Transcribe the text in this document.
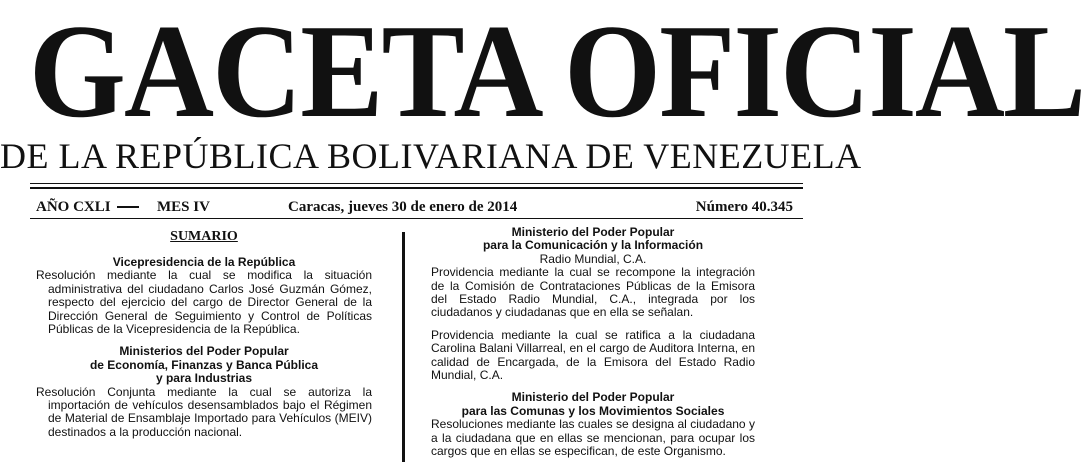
GACETA OFICIAL
DE LA REPÚBLICA BOLIVARIANA DE VENEZUELA
AÑO CXLI	MES IV	Caracas, jueves 30 de enero de 2014	Número 40.345
SUMARIO
Vicepresidencia de la República
Resolución mediante la cual se modifica la situación administrativa del ciudadano Carlos José Guzmán Gómez, respecto del ejercicio del cargo de Director General de la Dirección General de Seguimiento y Control de Políticas Públicas de la Vicepresidencia de la República.
Ministerios del Poder Popular
de Economía, Finanzas y Banca Pública
y para Industrias
Resolución Conjunta mediante la cual se autoriza la importación de vehículos desensamblados bajo el Régimen de Material de Ensamblaje Importado para Vehículos (MEIV) destinados a la producción nacional.
Ministerio del Poder Popular
para la Comunicación y la Información
Radio Mundial, C.A.
Providencia mediante la cual se recompone la integración de la Comisión de Contrataciones Públicas de la Emisora del Estado Radio Mundial, C.A., integrada por los ciudadanos y ciudadanas que en ella se señalan.
Providencia mediante la cual se ratifica a la ciudadana Carolina Balani Villarreal, en el cargo de Auditora Interna, en calidad de Encargada, de la Emisora del Estado Radio Mundial, C.A.
Ministerio del Poder Popular
para las Comunas y los Movimientos Sociales
Resoluciones mediante las cuales se designa al ciudadano y a la ciudadana que en ellas se mencionan, para ocupar los cargos que en ellas se especifican, de este Organismo.
